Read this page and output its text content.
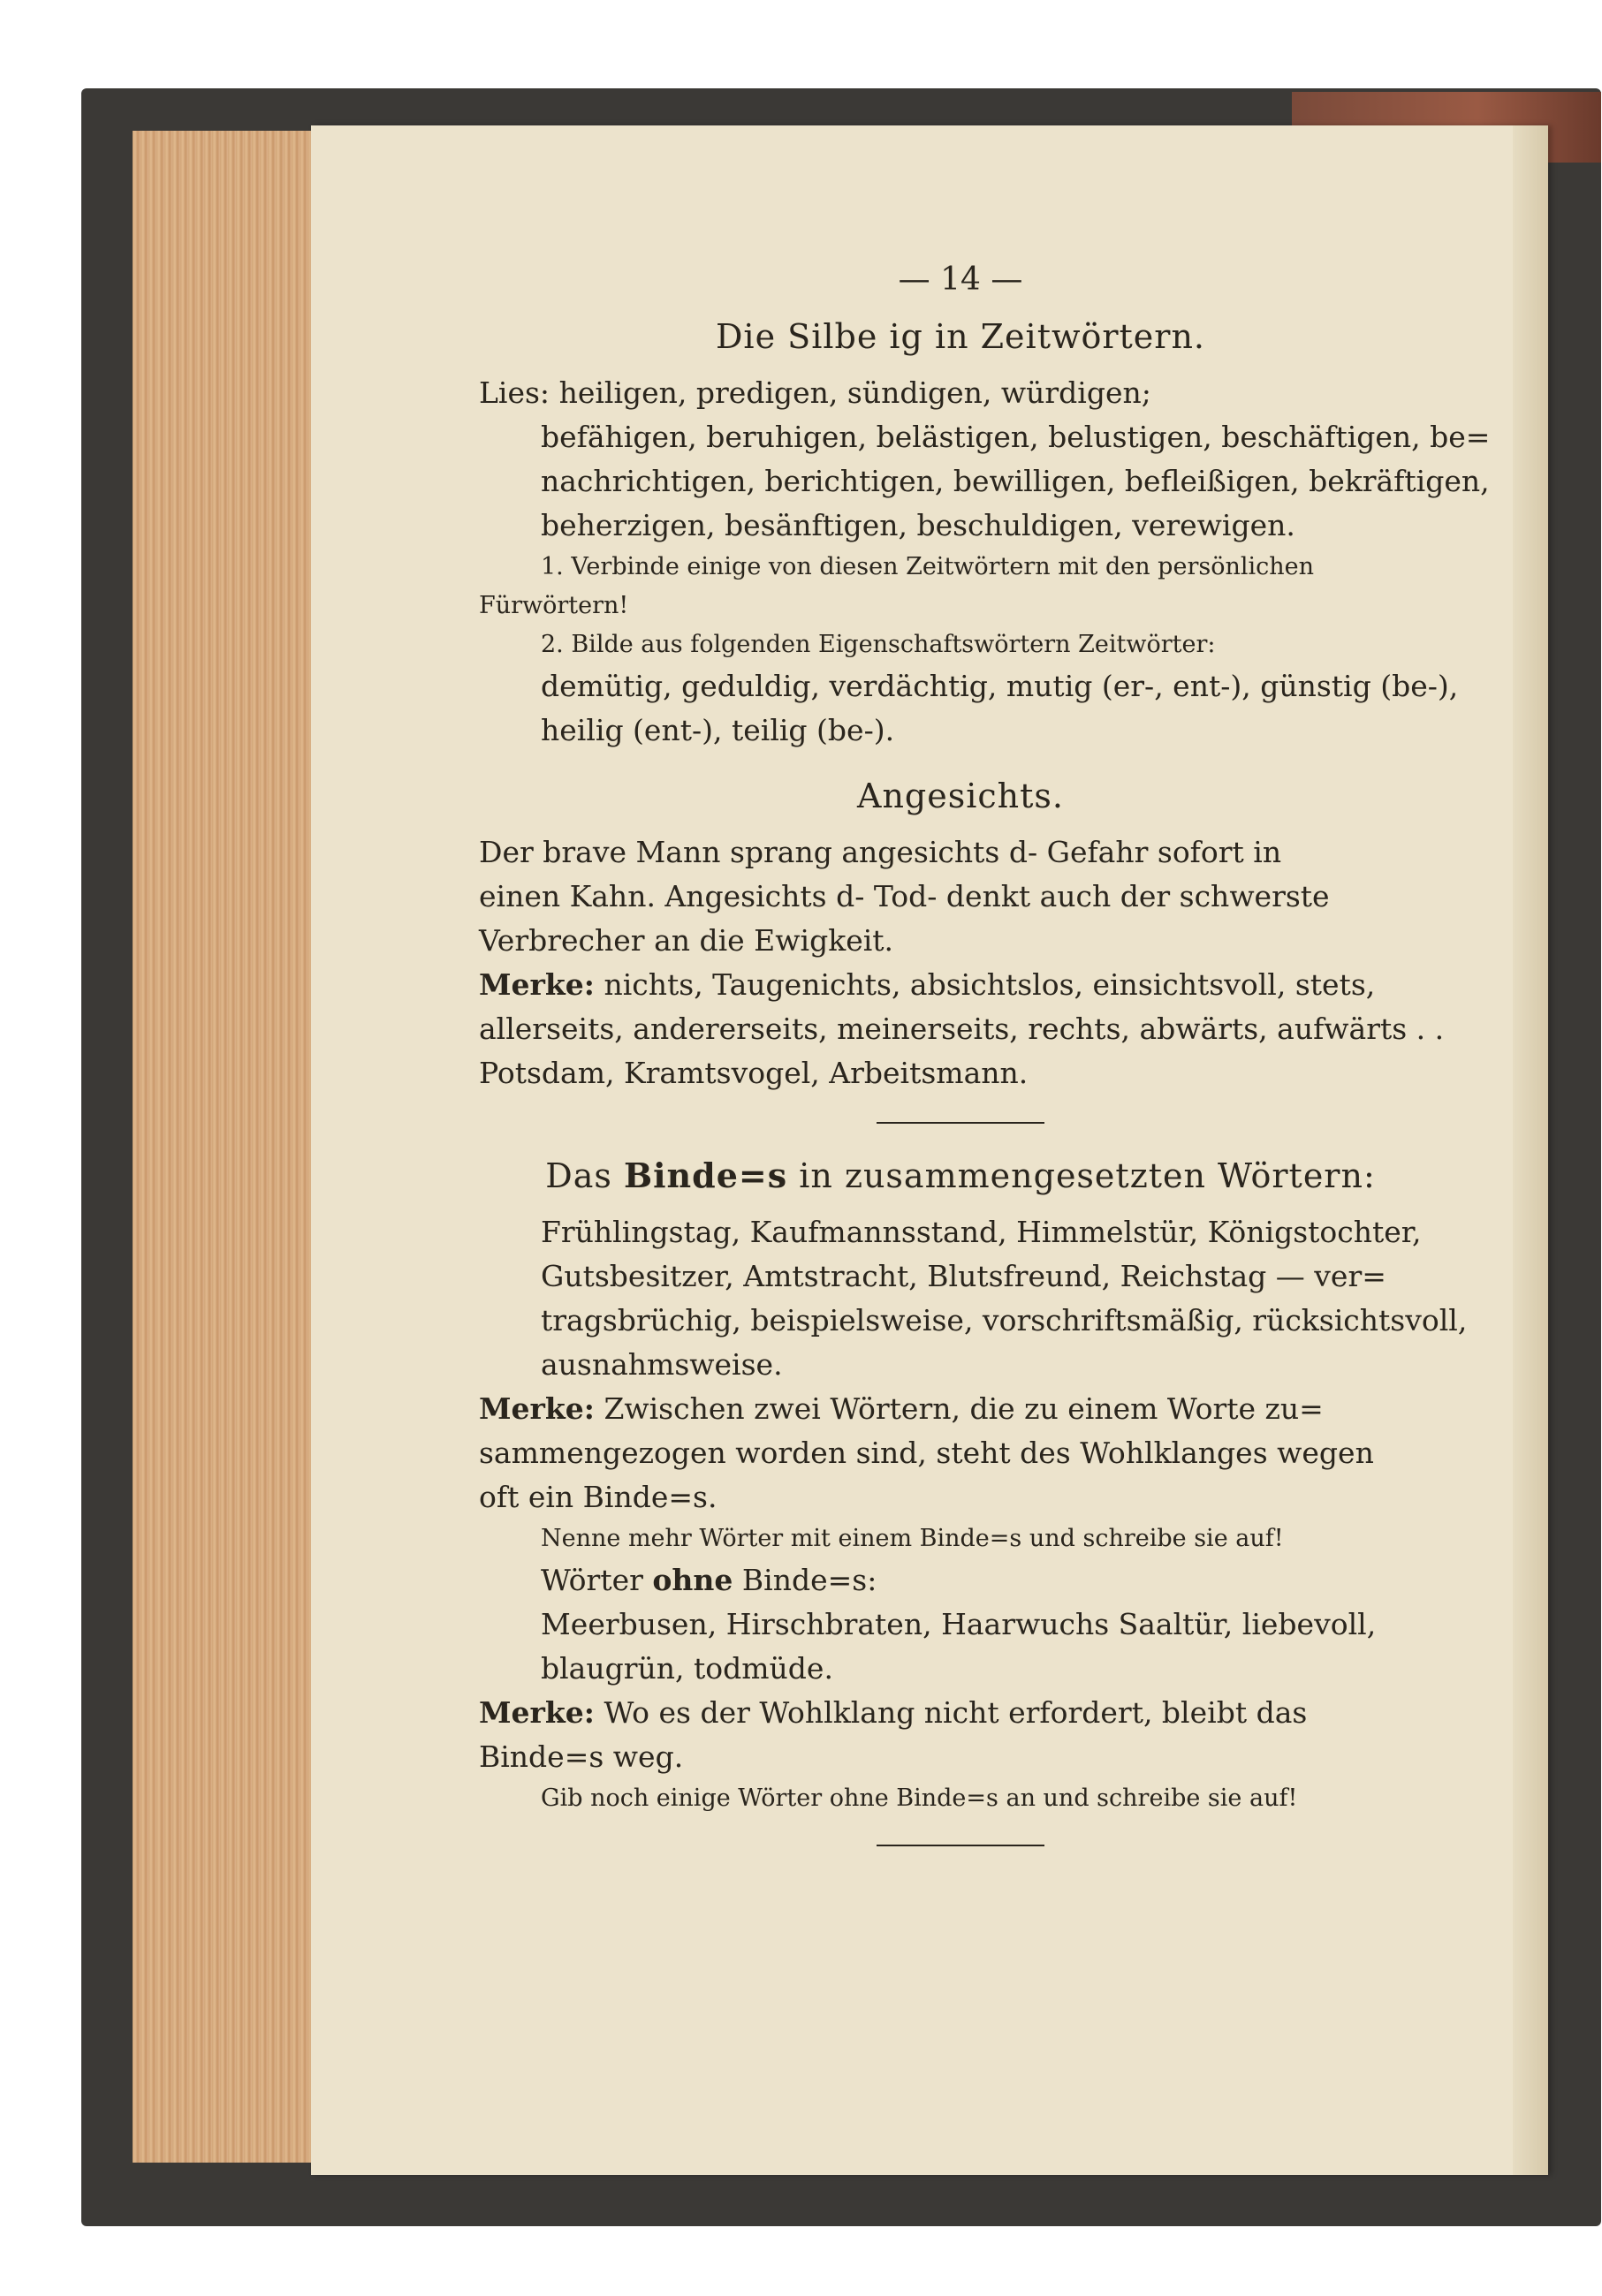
— 14 —
Die Silbe ig in Zeitwörtern.
Lies: heiligen, predigen, sündigen, würdigen;
befähigen, beruhigen, belästigen, belustigen, beschäftigen, be=
nachrichtigen, berichtigen, bewilligen, befleißigen, bekräftigen,
beherzigen, besänftigen, beschuldigen, verewigen.
1. Verbinde einige von diesen Zeitwörtern mit den persönlichen
Fürwörtern!
2. Bilde aus folgenden Eigenschaftswörtern Zeitwörter:
demütig, geduldig, verdächtig, mutig (er-, ent-), günstig (be-),
heilig (ent-), teilig (be-).
Angesichts.
Der brave Mann sprang angesichts d- Gefahr sofort in
einen Kahn. Angesichts d- Tod- denkt auch der schwerste
Verbrecher an die Ewigkeit.
Merke: nichts, Taugenichts, absichtslos, einsichtsvoll, stets,
allerseits, andererseits, meinerseits, rechts, abwärts, aufwärts . .
Potsdam, Kramtsvogel, Arbeitsmann.
Das Binde=s in zusammengesetzten Wörtern:
Frühlingstag, Kaufmannsstand, Himmelstür, Königstochter,
Gutsbesitzer, Amtstracht, Blutsfreund, Reichstag — ver=
tragsbrüchig, beispielsweise, vorschriftsmäßig, rücksichtsvoll,
ausnahmsweise.
Merke: Zwischen zwei Wörtern, die zu einem Worte zu=
sammengezogen worden sind, steht des Wohlklanges wegen
oft ein Binde=s.
Nenne mehr Wörter mit einem Binde=s und schreibe sie auf!
Wörter ohne Binde=s:
Meerbusen, Hirschbraten, Haarwuchs Saaltür, liebevoll,
blaugrün, todmüde.
Merke: Wo es der Wohlklang nicht erfordert, bleibt das
Binde=s weg.
Gib noch einige Wörter ohne Binde=s an und schreibe sie auf!
